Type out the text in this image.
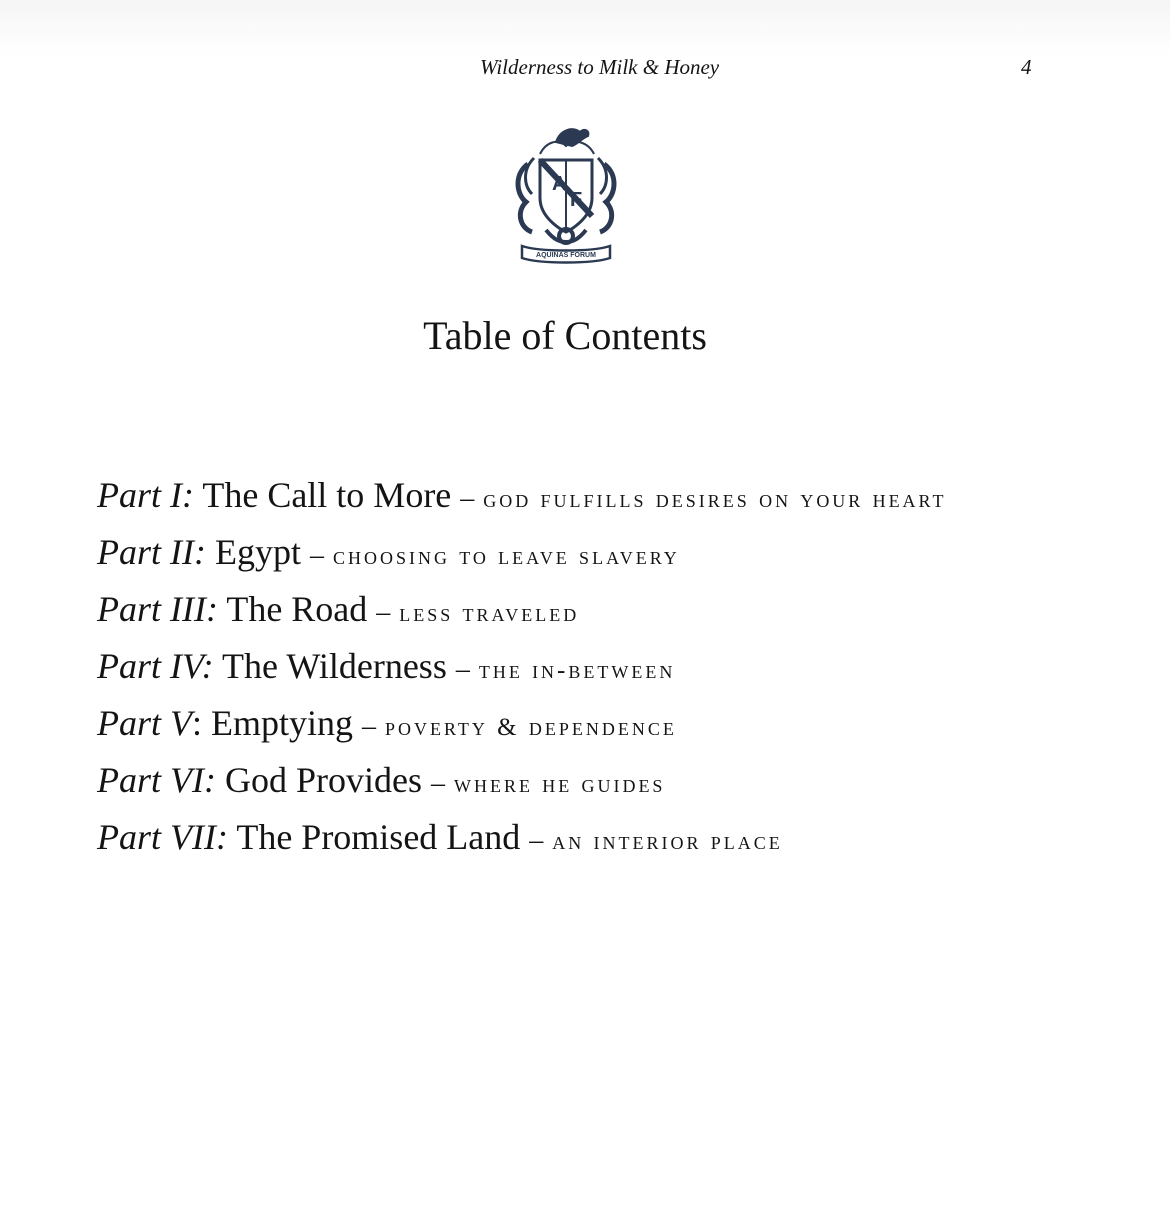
Wilderness to Milk & Honey	4
A
F
AQUINAS FORUM
Table of Contents
Part I: The Call to More – god fulfills desires on your heart
Part II: Egypt – choosing to leave slavery
Part III: The Road – less traveled
Part IV: The Wilderness – the in-between
Part V: Emptying – poverty & dependence
Part VI: God Provides – where he guides
Part VII: The Promised Land – an interior place
